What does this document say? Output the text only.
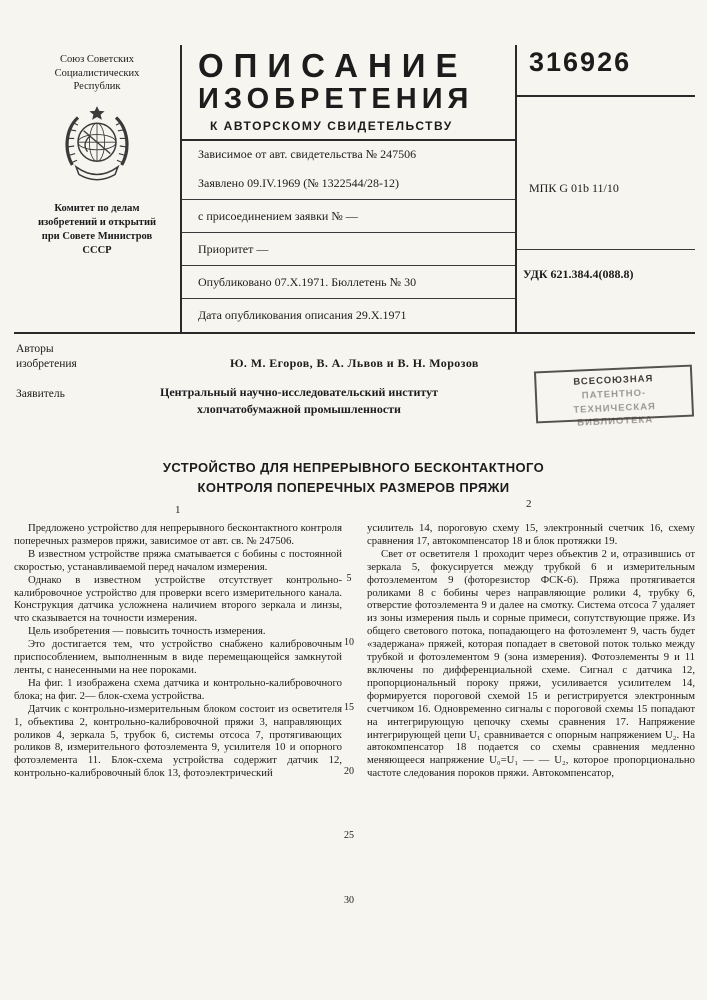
Союз Советских
Социалистических
Республик
Комитет по делам
изобретений и открытий
при Совете Министров
СССР
ОПИСАНИЕ
ИЗОБРЕТЕНИЯ
К АВТОРСКОМУ СВИДЕТЕЛЬСТВУ
Зависимое от авт. свидетельства № 247506
Заявлено 09.IV.1969 (№ 1322544/28-12)
с присоединением заявки № —
Приоритет —
Опубликовано 07.X.1971. Бюллетень № 30
Дата опубликования описания 29.X.1971
316926
МПК G 01b 11/10
УДК 621.384.4(088.8)
Авторы
изобретения	Ю. М. Егоров, В. А. Львов и В. Н. Морозов
Заявитель	Центральный научно-исследовательский институт
хлопчатобумажной промышленности
ВСЕСОЮЗНАЯ
ПАТЕНТНО-ТЕХНИЧЕСКАЯ
БИБЛИОТЕКА
УСТРОЙСТВО ДЛЯ НЕПРЕРЫВНОГО БЕСКОНТАКТНОГО
КОНТРОЛЯ ПОПЕРЕЧНЫХ РАЗМЕРОВ ПРЯЖИ
1	2

Предложено устройство для непрерывного бесконтактного контроля поперечных размеров пряжи, зависимое от авт. св. № 247506.

В известном устройстве пряжа сматывается с бобины с постоянной скоростью, устанавливаемой перед началом измерения.

Однако в известном устройстве отсутствует контрольно-калибровочное устройство для проверки всего измерительного канала. Конструкция датчика усложнена наличием второго зеркала и линзы, что сказывается на точности измерения.

Цель изобретения — повысить точность измерения.

Это достигается тем, что устройство снабжено калибровочным приспособлением, выполненным в виде перемещающейся замкнутой ленты, с нанесенными на нее пороками.

На фиг. 1 изображена схема датчика и контрольно-калибровочного блока; на фиг. 2— блок-схема устройства.

Датчик с контрольно-измерительным блоком состоит из осветителя 1, объектива 2, контрольно-калибровочной пряжи 3, направляющих роликов 4, зеркала 5, трубок 6, системы отсоса 7, протягивающих роликов 8, измерительного фотоэлемента 9, усилителя 10 и опорного фотоэлемента 11. Блок-схема устройства содержит датчик 12, контрольно-калибровочный блок 13, фотоэлектрический

усилитель 14, пороговую схему 15, электронный счетчик 16, схему сравнения 17, автокомпенсатор 18 и блок протяжки 19.

Свет от осветителя 1 проходит через объектив 2 и, отразившись от зеркала 5, фокусируется между трубкой 6 и измерительным фотоэлементом 9 (фоторезистор ФСК-6). Пряжа протягивается роликами 8 с бобины через направляющие ролики 4, трубку 6, отверстие фотоэлемента 9 и далее на смотку. Система отсоса 7 удаляет из зоны измерения пыль и сорные примеси, сопутствующие пряже. Из общего светового потока, попадающего на фотоэлемент 9, часть будет «задержана» пряжей, которая попадает в световой поток только между трубкой и фотоэлементом 9 (зона измерения). Фотоэлементы 9 и 11 включены по дифференциальной схеме. Сигнал с датчика 12, пропорциональный пороку пряжи, усиливается усилителем 14, формируется пороговой схемой 15 и регистрируется электронным счетчиком 16. Одновременно сигналы с пороговой схемы 15 попадают на интегрирующую цепочку схемы сравнения 17. Напряжение интегрирующей цепи U₁ сравнивается с опорным напряжением U₂. На автокомпенсатор 18 подается со схемы сравнения медленно меняющееся напряжение U₀=U₁ — — U₂, которое пропорционально частоте следования пороков пряжи. Автокомпенсатор,

5
10
15
20
25
30
